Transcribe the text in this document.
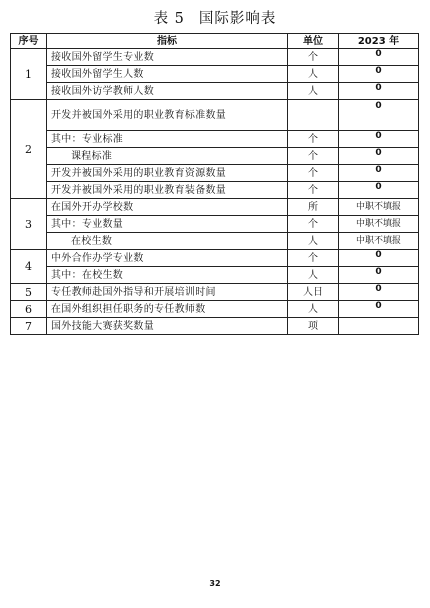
表 5 国际影响表
序号	指标	单位	2023 年
1	接收国外留学生专业数	个	0
	接收国外留学生人数	人	0
	接收国外访学教师人数	人	0
2	开发并被国外采用的职业教育标准数量		0
	其中：专业标准	个	0
	课程标准	个	0
	开发并被国外采用的职业教育资源数量	个	0
	开发并被国外采用的职业教育装备数量	个	0
3	在国外开办学校数	所	中职不填报
	其中：专业数量	个	中职不填报
	在校生数	人	中职不填报
4	中外合作办学专业数	个	0
	其中：在校生数	人	0
5	专任教师赴国外指导和开展培训时间	人日	0
6	在国外组织担任职务的专任教师数	人	0
7	国外技能大赛获奖数量	项	
32
